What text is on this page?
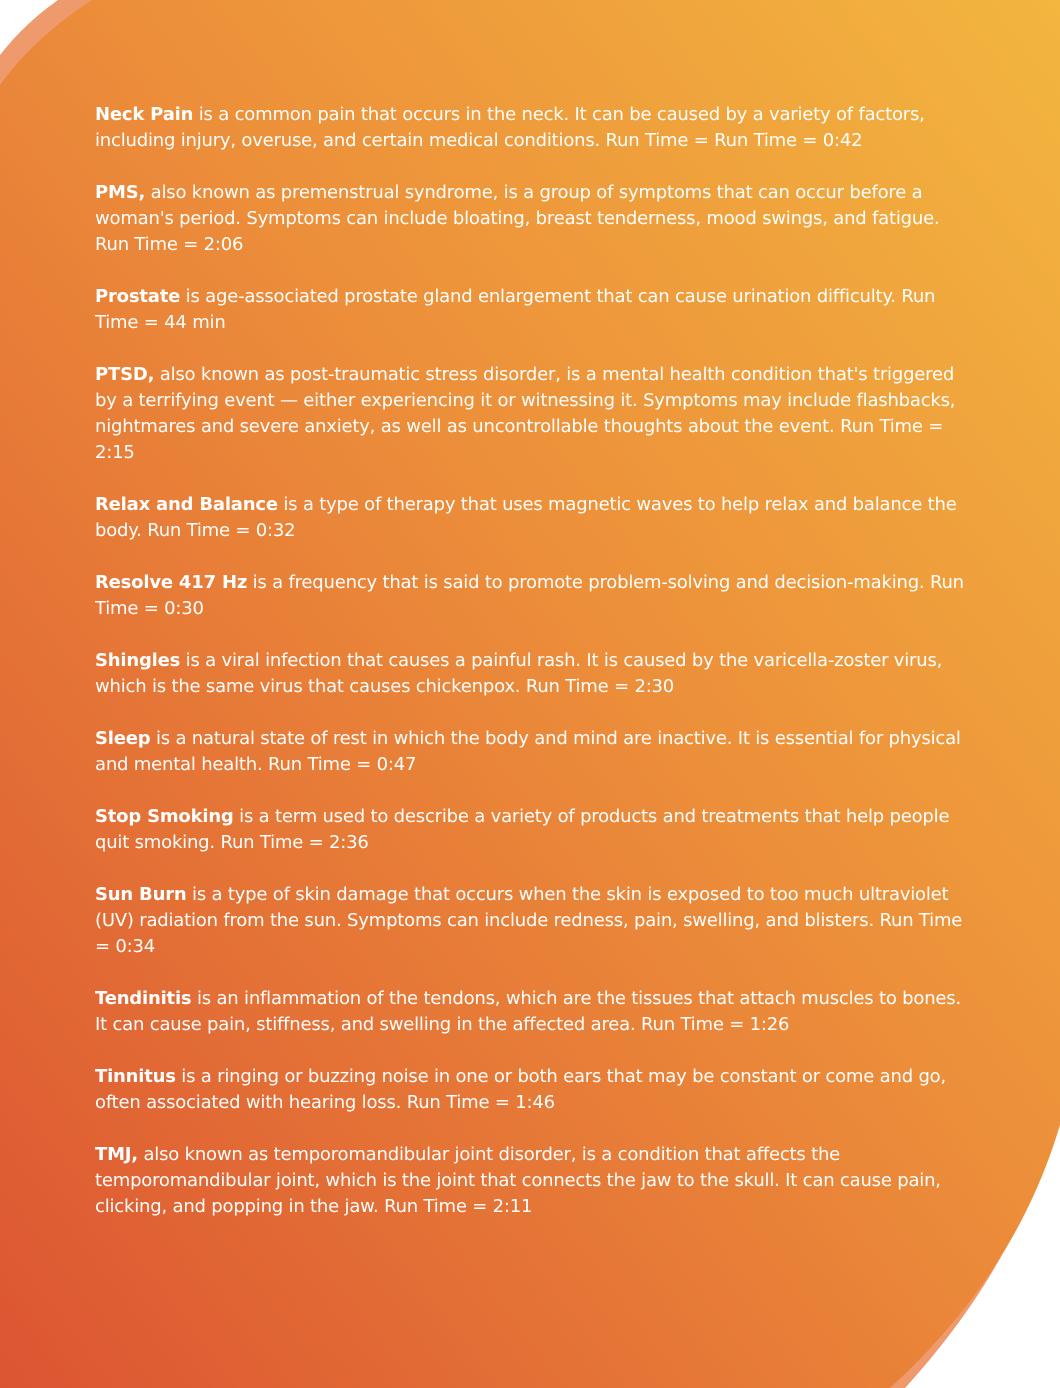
Neck Pain is a common pain that occurs in the neck. It can be caused by a variety of factors, including injury, overuse, and certain medical conditions. Run Time = Run Time = 0:42

PMS, also known as premenstrual syndrome, is a group of symptoms that can occur before a woman's period. Symptoms can include bloating, breast tenderness, mood swings, and fatigue. Run Time = 2:06

Prostate is age-associated prostate gland enlargement that can cause urination difficulty. Run Time = 44 min

PTSD, also known as post-traumatic stress disorder, is a mental health condition that's triggered by a terrifying event — either experiencing it or witnessing it. Symptoms may include flashbacks, nightmares and severe anxiety, as well as uncontrollable thoughts about the event. Run Time = 2:15

Relax and Balance is a type of therapy that uses magnetic waves to help relax and balance the body. Run Time = 0:32

Resolve 417 Hz is a frequency that is said to promote problem-solving and decision-making. Run Time = 0:30

Shingles is a viral infection that causes a painful rash. It is caused by the varicella-zoster virus, which is the same virus that causes chickenpox. Run Time = 2:30

Sleep is a natural state of rest in which the body and mind are inactive. It is essential for physical and mental health. Run Time = 0:47

Stop Smoking is a term used to describe a variety of products and treatments that help people quit smoking. Run Time = 2:36

Sun Burn is a type of skin damage that occurs when the skin is exposed to too much ultraviolet (UV) radiation from the sun. Symptoms can include redness, pain, swelling, and blisters. Run Time = 0:34

Tendinitis is an inflammation of the tendons, which are the tissues that attach muscles to bones. It can cause pain, stiffness, and swelling in the affected area. Run Time = 1:26

Tinnitus is a ringing or buzzing noise in one or both ears that may be constant or come and go, often associated with hearing loss. Run Time = 1:46

TMJ, also known as temporomandibular joint disorder, is a condition that affects the temporomandibular joint, which is the joint that connects the jaw to the skull. It can cause pain, clicking, and popping in the jaw. Run Time = 2:11
